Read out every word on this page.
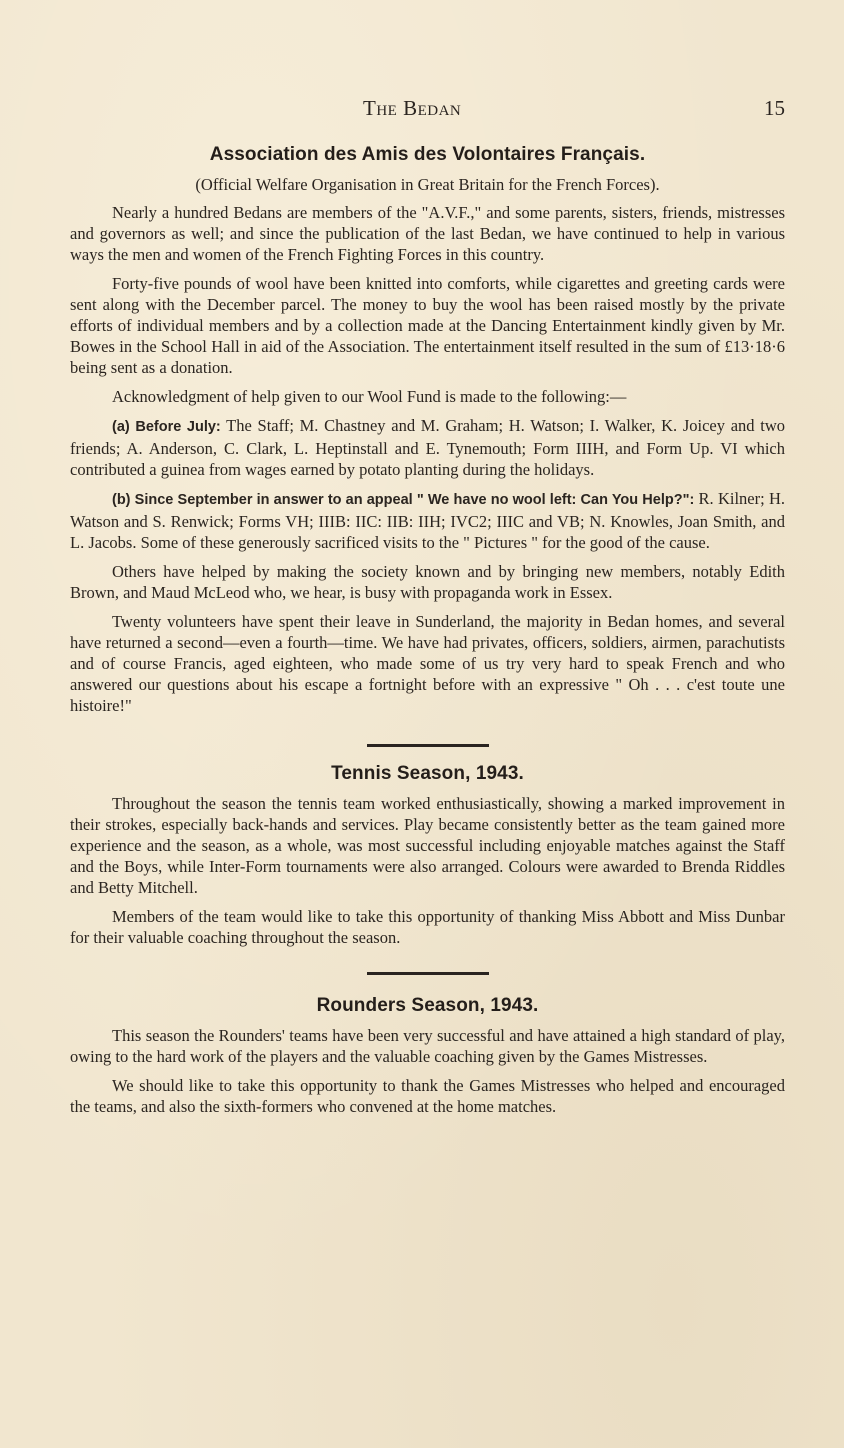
The Bedan	15
Association des Amis des Volontaires Français.
(Official Welfare Organisation in Great Britain for the French Forces).

Nearly a hundred Bedans are members of the "A.V.F.," and some parents, sisters, friends, mistresses and governors as well; and since the publication of the last Bedan, we have continued to help in various ways the men and women of the French Fighting Forces in this country.

Forty-five pounds of wool have been knitted into comforts, while cigarettes and greeting cards were sent along with the December parcel. The money to buy the wool has been raised mostly by the private efforts of individual members and by a collection made at the Dancing Entertainment kindly given by Mr. Bowes in the School Hall in aid of the Association. The entertainment itself resulted in the sum of £13·18·6 being sent as a donation.

Acknowledgment of help given to our Wool Fund is made to the following:—

(a) Before July: The Staff; M. Chastney and M. Graham; H. Watson; I. Walker, K. Joicey and two friends; A. Anderson, C. Clark, L. Heptinstall and E. Tynemouth; Form IIIH, and Form Up. VI which contributed a guinea from wages earned by potato planting during the holidays.

(b) Since September in answer to an appeal " We have no wool left: Can You Help?": R. Kilner; H. Watson and S. Renwick; Forms VH; IIIB: IIC: IIB: IIH; IVC2; IIIC and VB; N. Knowles, Joan Smith, and L. Jacobs. Some of these generously sacrificed visits to the " Pictures " for the good of the cause.

Others have helped by making the society known and by bringing new members, notably Edith Brown, and Maud McLeod who, we hear, is busy with propaganda work in Essex.

Twenty volunteers have spent their leave in Sunderland, the majority in Bedan homes, and several have returned a second—even a fourth—time. We have had privates, officers, soldiers, airmen, parachutists and of course Francis, aged eighteen, who made some of us try very hard to speak French and who answered our questions about his escape a fortnight before with an expressive " Oh . . . c'est toute une histoire!"

Tennis Season, 1943.

Throughout the season the tennis team worked enthusiastically, showing a marked improvement in their strokes, especially back-hands and services. Play became consistently better as the team gained more experience and the season, as a whole, was most successful including enjoyable matches against the Staff and the Boys, while Inter-Form tournaments were also arranged. Colours were awarded to Brenda Riddles and Betty Mitchell.

Members of the team would like to take this opportunity of thanking Miss Abbott and Miss Dunbar for their valuable coaching throughout the season.

Rounders Season, 1943.

This season the Rounders' teams have been very successful and have attained a high standard of play, owing to the hard work of the players and the valuable coaching given by the Games Mistresses.

We should like to take this opportunity to thank the Games Mistresses who helped and encouraged the teams, and also the sixth-formers who convened at the home matches.
